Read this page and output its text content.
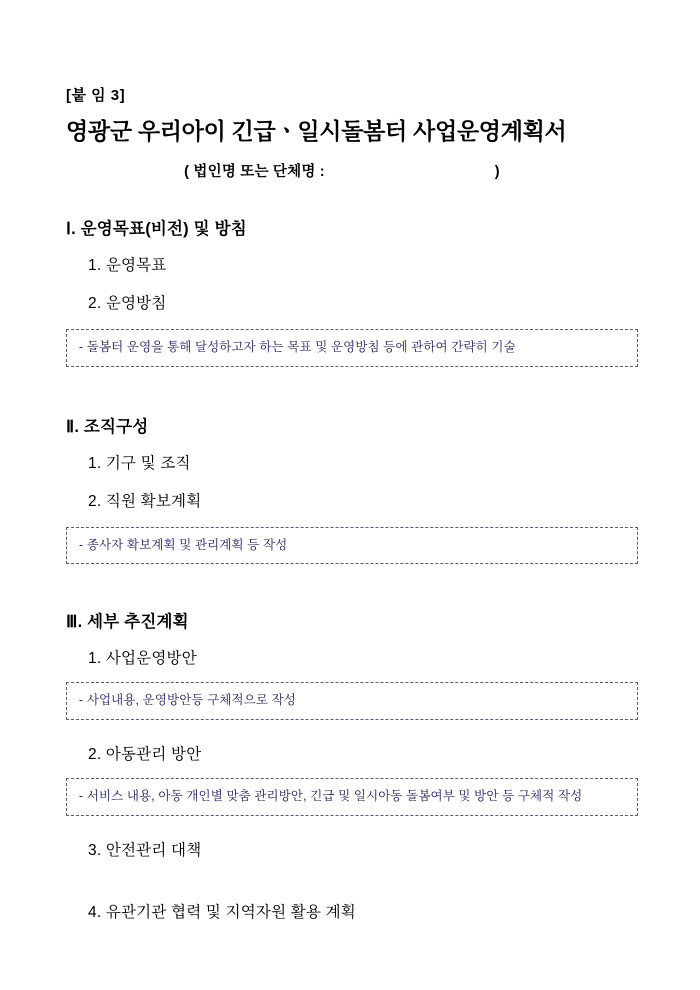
[붙 임 3]
영광군 우리아이 긴급ㆍ일시돌봄터 사업운영계획서
( 법인명 또는 단체명 :	)
Ⅰ. 운영목표(비전) 및 방침
1. 운영목표
2. 운영방침
- 돌봄터 운영을 통해 달성하고자 하는 목표 및 운영방침 등에 관하여 간략히 기술
Ⅱ. 조직구성
1. 기구 및 조직
2. 직원 확보계획
- 종사자 확보계획 및 관리계획 등 작성
Ⅲ. 세부 추진계획
1. 사업운영방안
- 사업내용, 운영방안등 구체적으로 작성
2. 아동관리 방안
- 서비스 내용, 아동 개인별 맞춤 관리방안, 긴급 및 일시아동 돌봄여부 및 방안 등 구체적 작성
3. 안전관리 대책
4. 유관기관 협력 및 지역자원 활용 계획
